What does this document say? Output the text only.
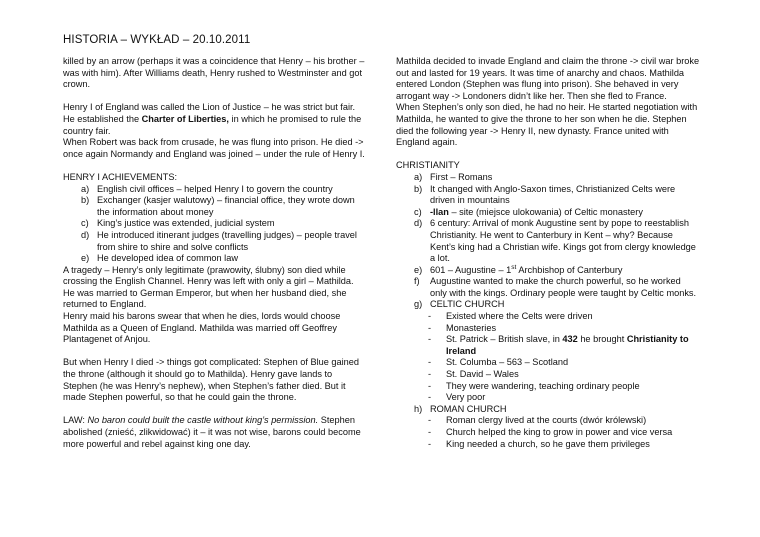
HISTORIA – WYKŁAD – 20.10.2011

killed by an arrow (perhaps it was a coincidence that Henry – his brother – was with him). After Williams death, Henry rushed to Westminster and got crown.

Henry I of England was called the Lion of Justice – he was strict but fair. He established the Charter of Liberties, in which he promised to rule the country fair.

When Robert was back from crusade, he was flung into prison. He died -> once again Normandy and England was joined – under the rule of Henry I.

HENRY I ACHIEVEMENTS:

a) English civil offices – helped Henry I to govern the country
b) Exchanger (kasjer walutowy) – financial office, they wrote down the information about money
c) King’s justice was extended, judicial system
d) He introduced itinerant judges (travelling judges) – people travel from shire to shire and solve conflicts
e) He developed idea of common law

A tragedy – Henry’s only legitimate (prawowity, ślubny) son died while crossing the English Channel. Henry was left with only a girl – Mathilda. He was married to German Emperor, but when her husband died, she returned to England.

Henry maid his barons swear that when he dies, lords would choose Mathilda as a Queen of England. Mathilda was married off Geoffrey Plantagenet of Anjou.

But when Henry I died -> things got complicated: Stephen of Blue gained the throne (although it should go to Mathilda). Henry gave lands to Stephen (he was Henry’s nephew), when Stephen’s father died. But it made Stephen powerful, so that he could gain the throne.

LAW: No baron could built the castle without king’s permission. Stephen abolished (znieść, zlikwidować) it – it was not wise, barons could become more powerful and rebel against king one day.

Mathilda decided to invade England and claim the throne -> civil war broke out and lasted for 19 years. It was time of anarchy and chaos. Mathilda entered London (Stephen was flung into prison). She behaved in very arrogant way -> Londoners didn’t like her. Then she fled to France.

When Stephen’s only son died, he had no heir. He started negotiation with Mathilda, he wanted to give the throne to her son when he die. Stephen died the following year -> Henry II, new dynasty. France united with England again.

CHRISTIANITY

a) First – Romans
b) It changed with Anglo-Saxon times, Christianized Celts were driven in mountains
c) -llan – site (miejsce ulokowania) of Celtic monastery
d) 6 century: Arrival of monk Augustine sent by pope to reestablish Christianity. He went to Canterbury in Kent – why? Because Kent’s king had a Christian wife. Kings got from clergy knowledge a lot.
e) 601 – Augustine – 1st Archbishop of Canterbury
f) Augustine wanted to make the church powerful, so he worked only with the kings. Ordinary people were taught by Celtic monks.
g) CELTIC CHURCH
- Existed where the Celts were driven
- Monasteries
- St. Patrick – British slave, in 432 he brought Christianity to Ireland
- St. Columba – 563 – Scotland
- St. David – Wales
- They were wandering, teaching ordinary people
- Very poor
h) ROMAN CHURCH
- Roman clergy lived at the courts (dwór królewski)
- Church helped the king to grow in power and vice versa
- King needed a church, so he gave them privileges
